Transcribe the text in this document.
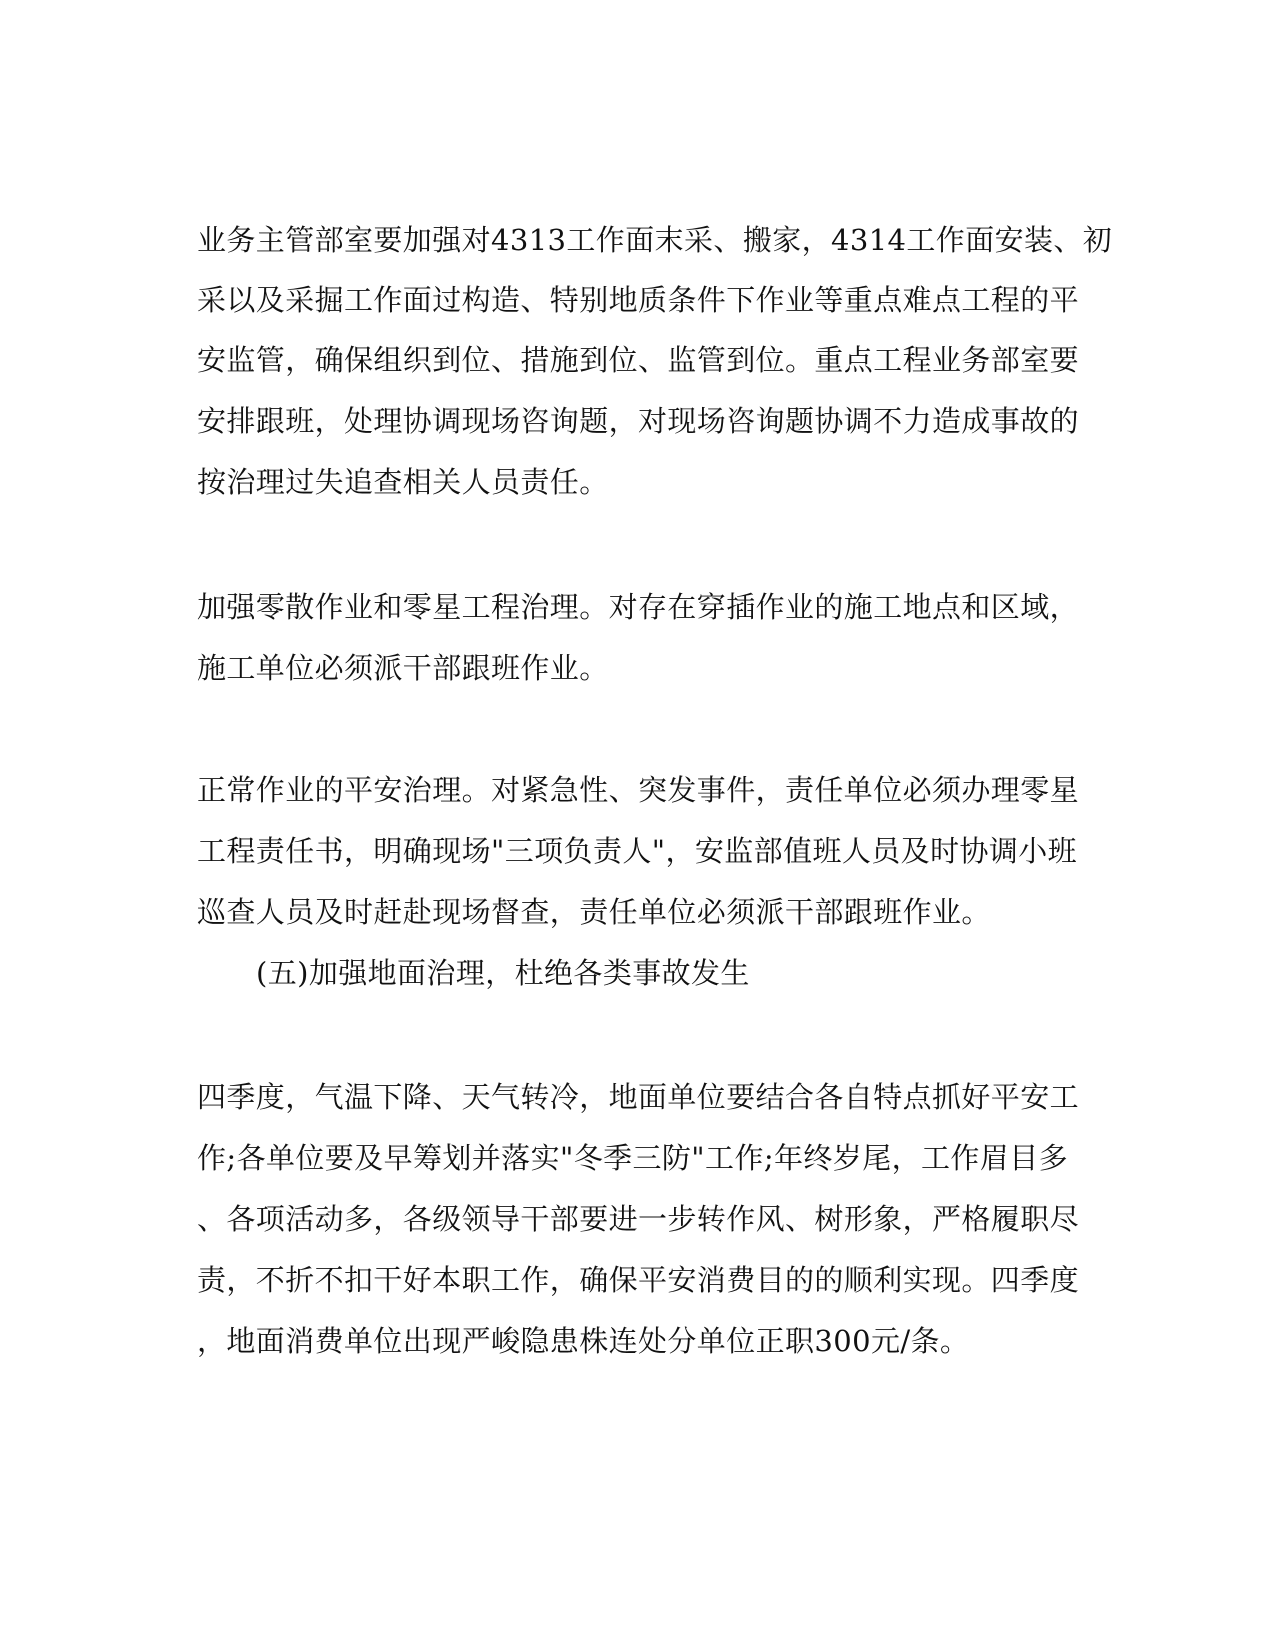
业务主管部室要加强对4313工作面末采、搬家，4314工作面安装、初
采以及采掘工作面过构造、特别地质条件下作业等重点难点工程的平
安监管，确保组织到位、措施到位、监管到位。重点工程业务部室要
安排跟班，处理协调现场咨询题，对现场咨询题协调不力造成事故的
按治理过失追查相关人员责任。
加强零散作业和零星工程治理。对存在穿插作业的施工地点和区域，
施工单位必须派干部跟班作业。
正常作业的平安治理。对紧急性、突发事件，责任单位必须办理零星
工程责任书，明确现场"三项负责人"，安监部值班人员及时协调小班
巡查人员及时赶赴现场督查，责任单位必须派干部跟班作业。
(五)加强地面治理，杜绝各类事故发生
四季度，气温下降、天气转冷，地面单位要结合各自特点抓好平安工
作;各单位要及早筹划并落实"冬季三防"工作;年终岁尾，工作眉目多
、各项活动多，各级领导干部要进一步转作风、树形象，严格履职尽
责，不折不扣干好本职工作，确保平安消费目的的顺利实现。四季度
，地面消费单位出现严峻隐患株连处分单位正职300元/条。
